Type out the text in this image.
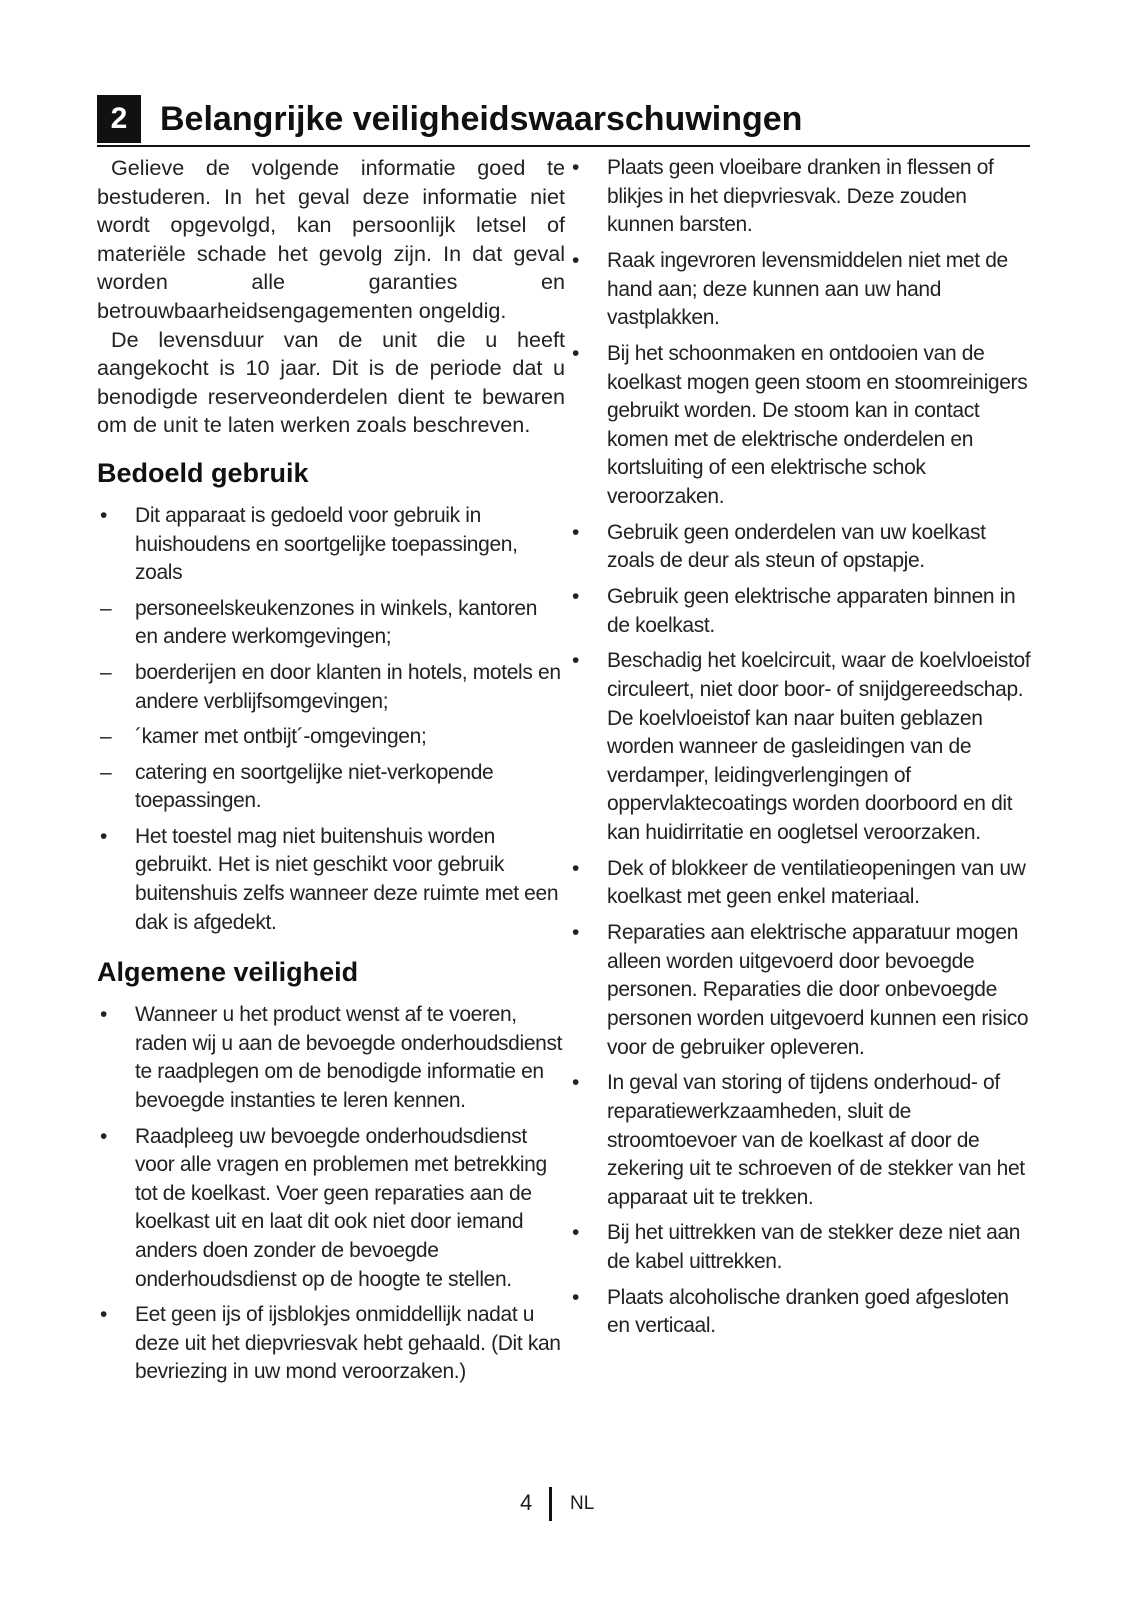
2 Belangrijke veiligheidswaarschuwingen

Gelieve de volgende informatie goed te bestuderen. In het geval deze informatie niet wordt opgevolgd, kan persoonlijk letsel of materiële schade het gevolg zijn. In dat geval worden alle garanties en betrouwbaarheidsengagementen ongeldig.

De levensduur van de unit die u heeft aangekocht is 10 jaar. Dit is de periode dat u benodigde reserveonderdelen dient te bewaren om de unit te laten werken zoals beschreven.

Bedoeld gebruik
•	Dit apparaat is gedoeld voor gebruik in huishoudens en soortgelijke toepassingen, zoals
–	personeelskeukenzones in winkels, kantoren en andere werkomgevingen;
–	boerderijen en door klanten in hotels, motels en andere verblijfsomgevingen;
–	´kamer met ontbijt´-omgevingen;
–	catering en soortgelijke niet-verkopende toepassingen.
•	Het toestel mag niet buitenshuis worden gebruikt. Het is niet geschikt voor gebruik buitenshuis zelfs wanneer deze ruimte met een dak is afgedekt.
Algemene veiligheid
•	Wanneer u het product wenst af te voeren, raden wij u aan de bevoegde onderhoudsdienst te raadplegen om de benodigde informatie en bevoegde instanties te leren kennen.
•	Raadpleeg uw bevoegde onderhoudsdienst voor alle vragen en problemen met betrekking tot de koelkast. Voer geen reparaties aan de koelkast uit en laat dit ook niet door iemand anders doen zonder de bevoegde onderhoudsdienst op de hoogte te stellen.
•	Eet geen ijs of ijsblokjes onmiddellijk nadat u deze uit het diepvriesvak hebt gehaald. (Dit kan bevriezing in uw mond veroorzaken.)
•	Plaats geen vloeibare dranken in flessen of blikjes in het diepvriesvak. Deze zouden kunnen barsten.
•	Raak ingevroren levensmiddelen niet met de hand aan; deze kunnen aan uw hand vastplakken.
•	Bij het schoonmaken en ontdooien van de koelkast mogen geen stoom en stoomreinigers gebruikt worden. De stoom kan in contact komen met de elektrische onderdelen en kortsluiting of een elektrische schok veroorzaken.
•	Gebruik geen onderdelen van uw koelkast zoals de deur als steun of opstapje.
•	Gebruik geen elektrische apparaten binnen in de koelkast.
•	Beschadig het koelcircuit, waar de koelvloeistof circuleert, niet door boor- of snijdgereedschap. De koelvloeistof kan naar buiten geblazen worden wanneer de gasleidingen van de verdamper, leidingverlengingen of oppervlaktecoatings worden doorboord en dit kan huidirritatie en oogletsel veroorzaken.
•	Dek of blokkeer de ventilatieopeningen van uw koelkast met geen enkel materiaal.
•	Reparaties aan elektrische apparatuur mogen alleen worden uitgevoerd door bevoegde personen. Reparaties die door onbevoegde personen worden uitgevoerd kunnen een risico voor de gebruiker opleveren.
•	In geval van storing of tijdens onderhoud- of reparatiewerkzaamheden, sluit de stroomtoevoer van de koelkast af door de zekering uit te schroeven of de stekker van het apparaat uit te trekken.
•	Bij het uittrekken van de stekker deze niet aan de kabel uittrekken.
•	Plaats alcoholische dranken goed afgesloten en verticaal.
4 NL
